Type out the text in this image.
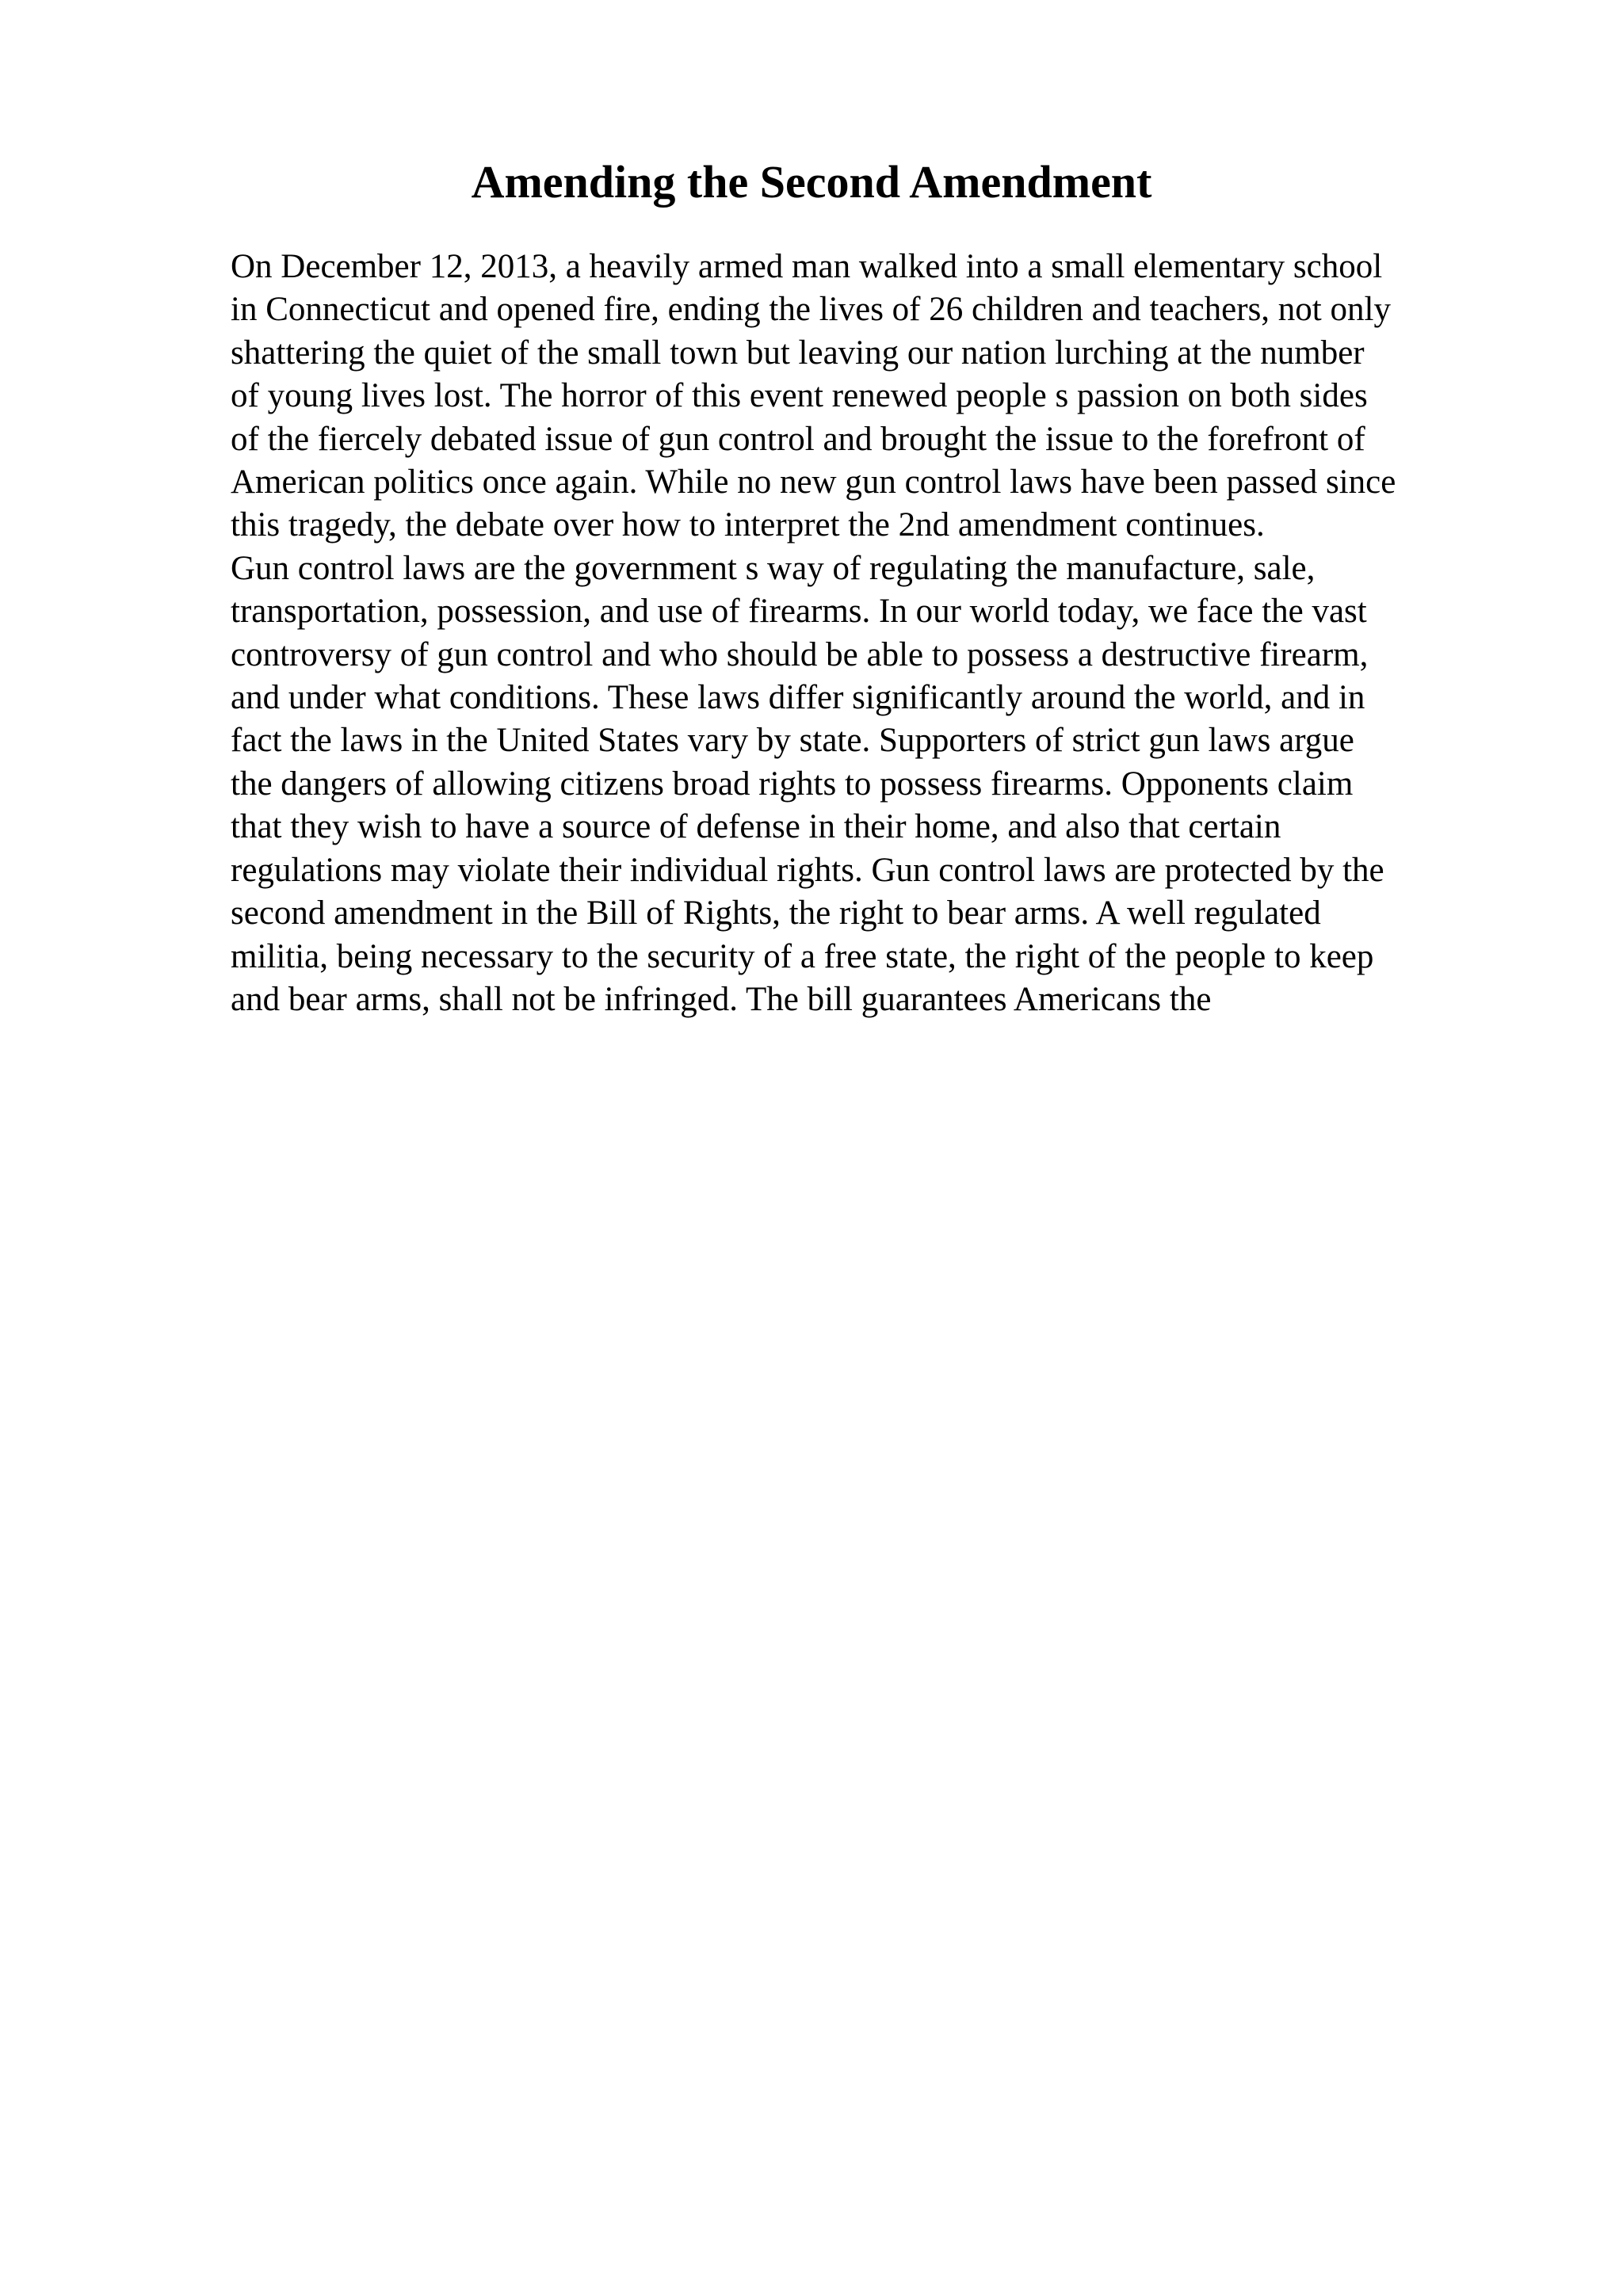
Amending the Second Amendment
On December 12, 2013, a heavily armed man walked into a small elementary school
in Connecticut and opened fire, ending the lives of 26 children and teachers, not only
shattering the quiet of the small town but leaving our nation lurching at the number
of young lives lost. The horror of this event renewed people s passion on both sides
of the fiercely debated issue of gun control and brought the issue to the forefront of
American politics once again. While no new gun control laws have been passed since
this tragedy, the debate over how to interpret the 2nd amendment continues.
Gun control laws are the government s way of regulating the manufacture, sale,
transportation, possession, and use of firearms. In our world today, we face the vast
controversy of gun control and who should be able to possess a destructive firearm,
and under what conditions. These laws differ significantly around the world, and in
fact the laws in the United States vary by state. Supporters of strict gun laws argue
the dangers of allowing citizens broad rights to possess firearms. Opponents claim
that they wish to have a source of defense in their home, and also that certain
regulations may violate their individual rights. Gun control laws are protected by the
second amendment in the Bill of Rights, the right to bear arms. A well regulated
militia, being necessary to the security of a free state, the right of the people to keep
and bear arms, shall not be infringed. The bill guarantees Americans the
